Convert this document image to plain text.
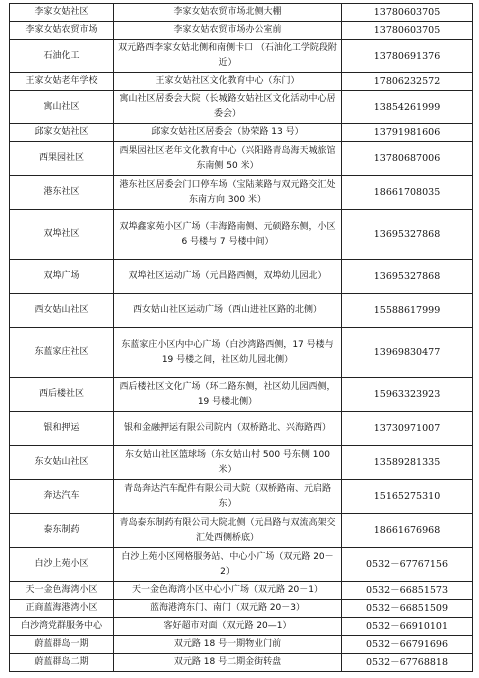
李家女姑社区	李家女姑农贸市场北侧大棚	13780603705
李家女姑农贸市场	李家女姑农贸市场办公室前	13780603705
石油化工	双元路西李家女姑北侧和南侧卡口 （石油化工学院段附近）	13780691376
王家女姑老年学校	王家女姑社区文化教育中心（东门）	17806232572
寓山社区	寓山社区居委会大院（长城路女姑社区文化活动中心居委会）	13854261999
邱家女姑社区	邱家女姑社区居委会（协荣路 13 号）	13791981606
西果园社区	西果园社区老年文化教育中心（兴阳路青岛海天城旅馆东南侧 50 米）	13780687006
港东社区	港东社区居委会门口停车场（宝陆莱路与双元路交汇处东南方向 300 米）	18661708035
双埠社区	双埠鑫家苑小区广场（丰海路南侧、元硕路东侧，小区 6 号楼与 7 号楼中间）	13695327868
双埠广场	双埠社区运动广场（元昌路西侧，双埠幼儿园北）	13695327868
西女姑山社区	西女姑山社区运动广场（西山进社区路的北侧）	15588617999
东蓝家庄社区	东蓝家庄小区内中心广场（白沙湾路西侧，17 号楼与 19 号楼之间，社区幼儿园北侧）	13969830477
西后楼社区	西后楼社区文化广场（环二路东侧，社区幼儿园西侧，19 号楼北侧）	15963323923
银和押运	银和金融押运有限公司院内（双桥路北、兴海路西）	13730971007
东女姑山社区	东女姑山社区篮球场（东女姑山村 500 号东侧 100 米）	13589281335
奔达汽车	青岛奔达汽车配件有限公司大院（双桥路南、元启路东）	15165275310
泰东制药	青岛泰东制药有限公司大院北侧（元昌路与双流高架交汇处西侧桥底）	18661676968
白沙上苑小区	白沙上苑小区网格服务站、中心小广场（双元路 20－2）	0532－67767156
天一金色海湾小区	天一金色海湾小区中心小广场（双元路 20－1）	0532－66851573
正商蓝海港湾小区	蓝海港湾东门、南门（双元路 20－3）	0532－66851509
白沙湾党群服务中心	客好超市对面（双元路 20—1）	0532－66910101
蔚蓝群岛一期	双元路 18 号一期物业门前	0532－66791696
蔚蓝群岛二期	双元路 18 号二期金街转盘	0532－67768818
